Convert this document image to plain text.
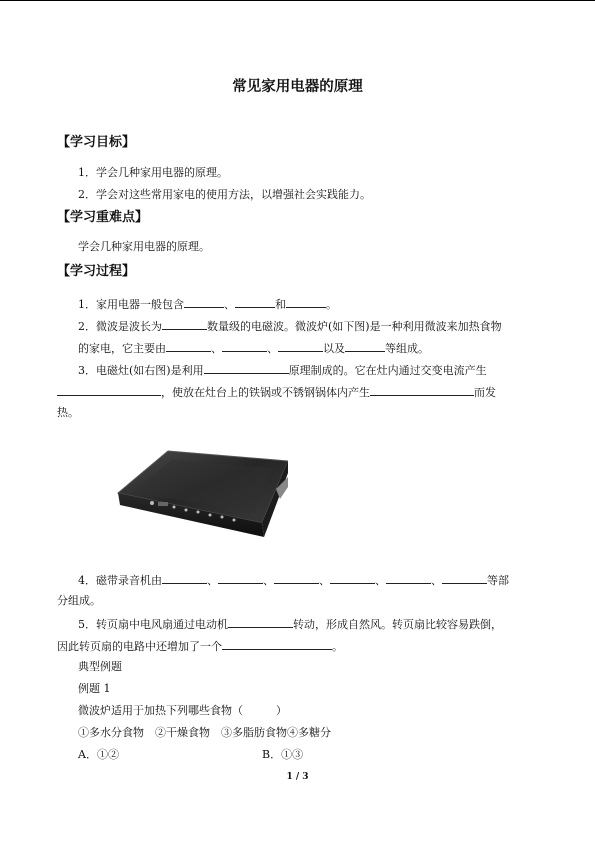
常见家用电器的原理
【学习目标】
1．学会几种家用电器的原理。
2．学会对这些常用家电的使用方法，以增强社会实践能力。
【学习重难点】
学会几种家用电器的原理。
【学习过程】
1．家用电器一般包含	、	和	。
2．微波是波长为	数量级的电磁波。微波炉(如下图)是一种利用微波来加热食物
的家电，它主要由	、	、	以及	等组成。
3．电磁灶(如右图)是利用	原理制成的。它在灶内通过交变电流产生
，使放在灶台上的铁锅或不锈钢锅体内产生	而发
热。
4．磁带录音机由	、	、	、	、	、	等部
分组成。
5．转页扇中电风扇通过电动机	转动，形成自然风。转页扇比较容易跌倒，
因此转页扇的电路中还增加了一个	。
典型例题
例题 1
微波炉适用于加热下列哪些食物（　　　）
①多水分食物　②干燥食物　③多脂肪食物④多糖分
A．①②	B．①③
1 / 3
